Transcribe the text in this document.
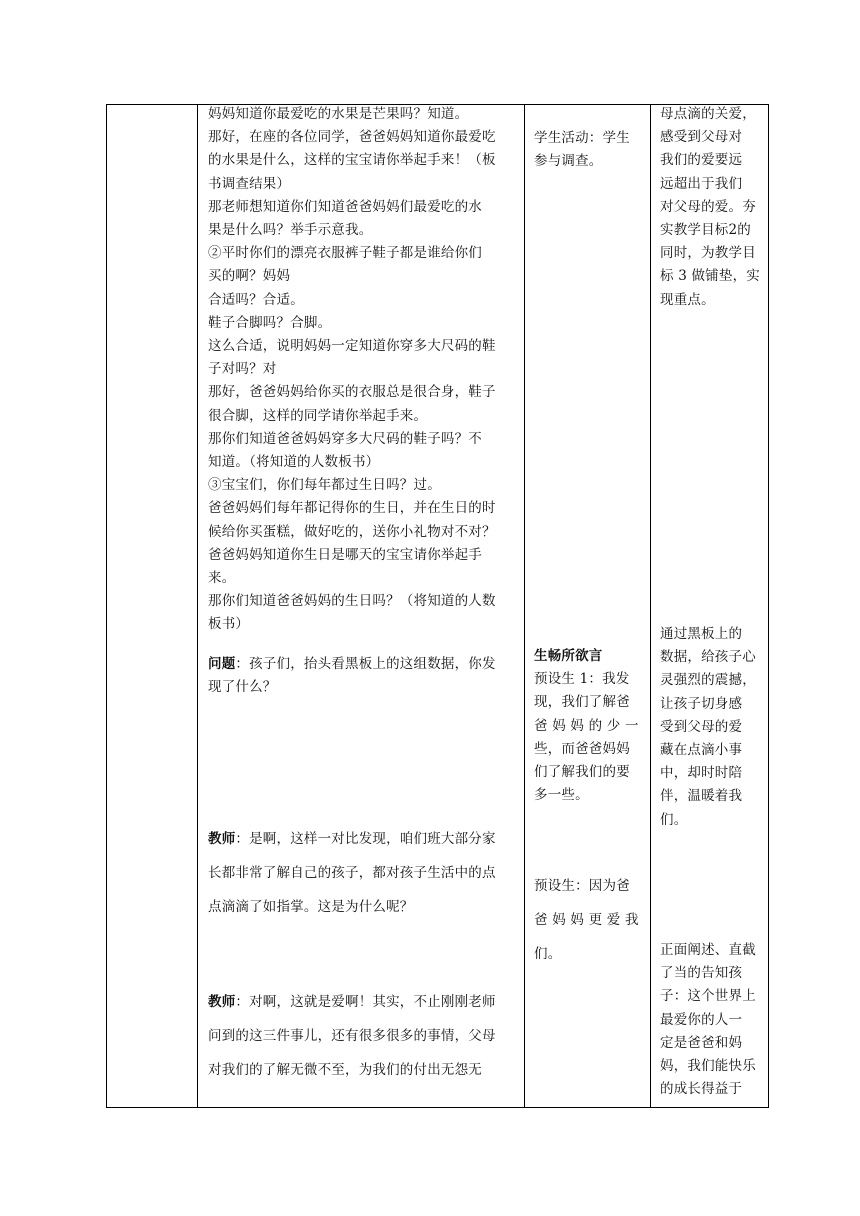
妈妈知道你最爱吃的水果是芒果吗？知道。
那好，在座的各位同学，爸爸妈妈知道你最爱吃
的水果是什么，这样的宝宝请你举起手来！（板
书调查结果）
那老师想知道你们知道爸爸妈妈们最爱吃的水
果是什么吗？举手示意我。
②平时你们的漂亮衣服裤子鞋子都是谁给你们
买的啊？妈妈
合适吗？合适。
鞋子合脚吗？合脚。
这么合适，说明妈妈一定知道你穿多大尺码的鞋
子对吗？对
那好，爸爸妈妈给你买的衣服总是很合身，鞋子
很合脚，这样的同学请你举起手来。
那你们知道爸爸妈妈穿多大尺码的鞋子吗？不
知道。（将知道的人数板书）
③宝宝们，你们每年都过生日吗？过。
爸爸妈妈们每年都记得你的生日，并在生日的时
候给你买蛋糕，做好吃的，送你小礼物对不对？
爸爸妈妈知道你生日是哪天的宝宝请你举起手
来。
那你们知道爸爸妈妈的生日吗？（将知道的人数
板书）
问题：孩子们，抬头看黑板上的这组数据，你发
现了什么？
教师：是啊，这样一对比发现，咱们班大部分家
长都非常了解自己的孩子，都对孩子生活中的点
点滴滴了如指掌。这是为什么呢？
教师：对啊，这就是爱啊！其实，不止刚刚老师
问到的这三件事儿，还有很多很多的事情，父母
对我们的了解无微不至，为我们的付出无怨无
学生活动：学生
参与调查。
生畅所欲言
预设生 1：我发
现，我们了解爸
爸 妈 妈 的 少 一
些，而爸爸妈妈
们了解我们的要
多一些。
预设生：因为爸
爸 妈 妈 更 爱 我
们。
母点滴的关爱，
感受到父母对
我们的爱要远
远超出于我们
对父母的爱。夯
实教学目标2的
同时，为教学目
标 3 做铺垫，实
现重点。
通过黑板上的
数据，给孩子心
灵强烈的震撼，
让孩子切身感
受到父母的爱
藏在点滴小事
中，却时时陪
伴，温暖着我
们。
正面阐述、直截
了当的告知孩
子：这个世界上
最爱你的人一
定是爸爸和妈
妈，我们能快乐
的成长得益于
